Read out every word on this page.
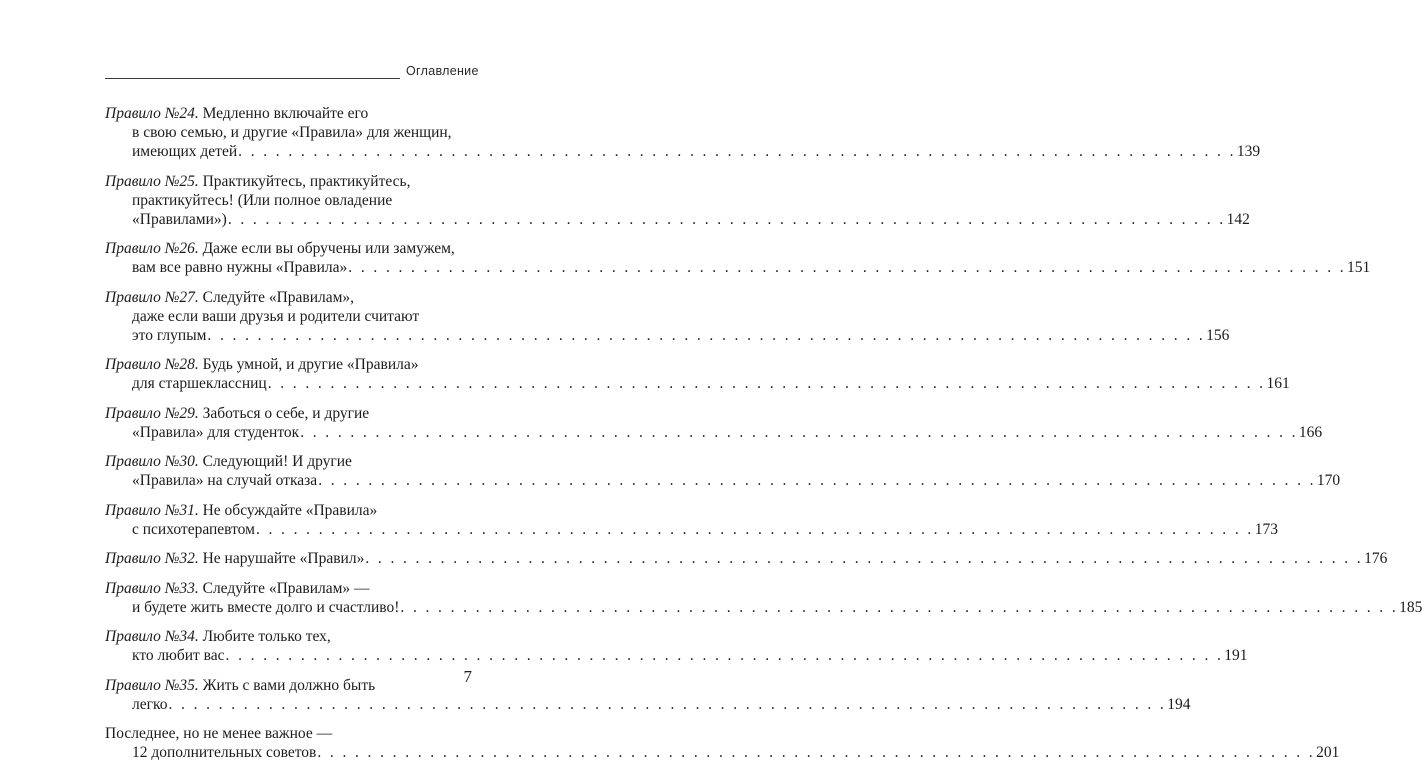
Оглавление
Правило №24. Медленно включайте его
в свою семью, и другие «Правила» для женщин,
имеющих детей . . . . . . . . . . . . . . . . . . . . . . . . . . . . . . . . . . . . . . . . . . . . . . . . . . . . . . . . . . . . . . . . . . . . . . . . . . . . . . . . 139
Правило №25. Практикуйтесь, практикуйтесь,
практикуйтесь! (Или полное овладение
«Правилами») . . . . . . . . . . . . . . . . . . . . . . . . . . . . . . . . . . . . . . . . . . . . . . . . . . . . . . . . . . . . . . . . . . . . . . . . . . . . . . . . 142
Правило №26. Даже если вы обручены или замужем,
вам все равно нужны «Правила» . . . . . . . . . . . . . . . . . . . . . . . . . . . . . . . . . . . . . . . . . . . . . . . . . . . . . . . . . . . . . . . . . . . . . . . . . . . . . . . . 151
Правило №27. Следуйте «Правилам»,
даже если ваши друзья и родители считают
это глупым . . . . . . . . . . . . . . . . . . . . . . . . . . . . . . . . . . . . . . . . . . . . . . . . . . . . . . . . . . . . . . . . . . . . . . . . . . . . . . . . 156
Правило №28. Будь умной, и другие «Правила»
для старшеклассниц . . . . . . . . . . . . . . . . . . . . . . . . . . . . . . . . . . . . . . . . . . . . . . . . . . . . . . . . . . . . . . . . . . . . . . . . . . . . . . . . 161
Правило №29. Заботься о себе, и другие
«Правила» для студенток . . . . . . . . . . . . . . . . . . . . . . . . . . . . . . . . . . . . . . . . . . . . . . . . . . . . . . . . . . . . . . . . . . . . . . . . . . . . . . . . 166
Правило №30. Следующий! И другие
«Правила» на случай отказа . . . . . . . . . . . . . . . . . . . . . . . . . . . . . . . . . . . . . . . . . . . . . . . . . . . . . . . . . . . . . . . . . . . . . . . . . . . . . . . . 170
Правило №31. Не обсуждайте «Правила»
с психотерапевтом . . . . . . . . . . . . . . . . . . . . . . . . . . . . . . . . . . . . . . . . . . . . . . . . . . . . . . . . . . . . . . . . . . . . . . . . . . . . . . . . 173
Правило №32. Не нарушайте «Правил» . . . . . . . . . . . . . . . . . . . . . . . . . . . . . . . . . . . . . . . . . . . . . . . . . . . . . . . . . . . . . . . . . . . . . . . . . . . . . . . . 176
Правило №33. Следуйте «Правилам» —
и будете жить вместе долго и счастливо! . . . . . . . . . . . . . . . . . . . . . . . . . . . . . . . . . . . . . . . . . . . . . . . . . . . . . . . . . . . . . . . . . . . . . . . . . . . . . . . . 185
Правило №34. Любите только тех,
кто любит вас . . . . . . . . . . . . . . . . . . . . . . . . . . . . . . . . . . . . . . . . . . . . . . . . . . . . . . . . . . . . . . . . . . . . . . . . . . . . . . . . 191
Правило №35. Жить с вами должно быть
легко . . . . . . . . . . . . . . . . . . . . . . . . . . . . . . . . . . . . . . . . . . . . . . . . . . . . . . . . . . . . . . . . . . . . . . . . . . . . . . . . 194
Последнее, но не менее важное —
12 дополнительных советов . . . . . . . . . . . . . . . . . . . . . . . . . . . . . . . . . . . . . . . . . . . . . . . . . . . . . . . . . . . . . . . . . . . . . . . . . . . . . . . . 201
7
